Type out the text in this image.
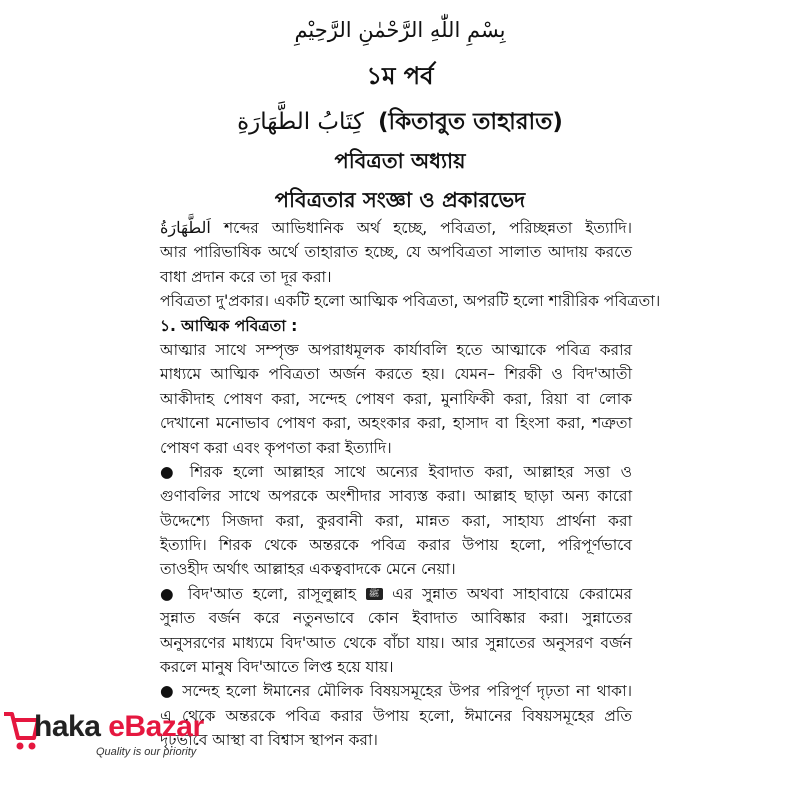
بِسْمِ اللّٰهِ الرَّحْمٰنِ الرَّحِيْمِ
১ম পর্ব
كِتَابُ الطَّهَارَةِ (কিতাবুত তাহারাত)
পবিত্রতা অধ্যায়
পবিত্রতার সংজ্ঞা ও প্রকারভেদ
اَلطَّهَارَةُ শব্দের আভিধানিক অর্থ হচ্ছে, পবিত্রতা, পরিচ্ছন্নতা ইত্যাদি।
আর পারিভাষিক অর্থে তাহারাত হচ্ছে, যে অপবিত্রতা সালাত আদায় করতে
বাধা প্রদান করে তা দূর করা।
পবিত্রতা দু'প্রকার। একটি হলো আত্মিক পবিত্রতা, অপরটি হলো শারীরিক পবিত্রতা।
১. আত্মিক পবিত্রতা :
আত্মার সাথে সম্পৃক্ত অপরাধমূলক কার্যাবলি হতে আত্মাকে পবিত্র করার
মাধ্যমে আত্মিক পবিত্রতা অর্জন করতে হয়। যেমন– শিরকী ও বিদ'আতী
আকীদাহ পোষণ করা, সন্দেহ পোষণ করা, মুনাফিকী করা, রিয়া বা লোক
দেখানো মনোভাব পোষণ করা, অহংকার করা, হাসাদ বা হিংসা করা, শত্রুতা
পোষণ করা এবং কৃপণতা করা ইত্যাদি।
● শিরক হলো আল্লাহর সাথে অন্যের ইবাদাত করা, আল্লাহর সত্তা ও
গুণাবলির সাথে অপরকে অংশীদার সাব্যস্ত করা। আল্লাহ ছাড়া অন্য কারো
উদ্দেশ্যে সিজদা করা, কুরবানী করা, মান্নত করা, সাহায্য প্রার্থনা করা
ইত্যাদি। শিরক থেকে অন্তরকে পবিত্র করার উপায় হলো, পরিপূর্ণভাবে
তাওহীদ অর্থাৎ আল্লাহর একত্ববাদকে মেনে নেয়া।
● বিদ'আত হলো, রাসূলুল্লাহ ﷺ এর সুন্নাত অথবা সাহাবায়ে কেরামের
সুন্নাত বর্জন করে নতুনভাবে কোন ইবাদাত আবিষ্কার করা। সুন্নাতের
অনুসরণের মাধ্যমে বিদ'আত থেকে বাঁচা যায়। আর সুন্নাতের অনুসরণ বর্জন
করলে মানুষ বিদ'আতে লিপ্ত হয়ে যায়।
● সন্দেহ হলো ঈমানের মৌলিক বিষয়সমূহের উপর পরিপূর্ণ দৃঢ়তা না থাকা।
এ থেকে অন্তরকে পবিত্র করার উপায় হলো, ঈমানের বিষয়সমূহের প্রতি
দৃঢ়ভাবে আস্থা বা বিশ্বাস স্থাপন করা।
haka eBazar
Quality is our priority
